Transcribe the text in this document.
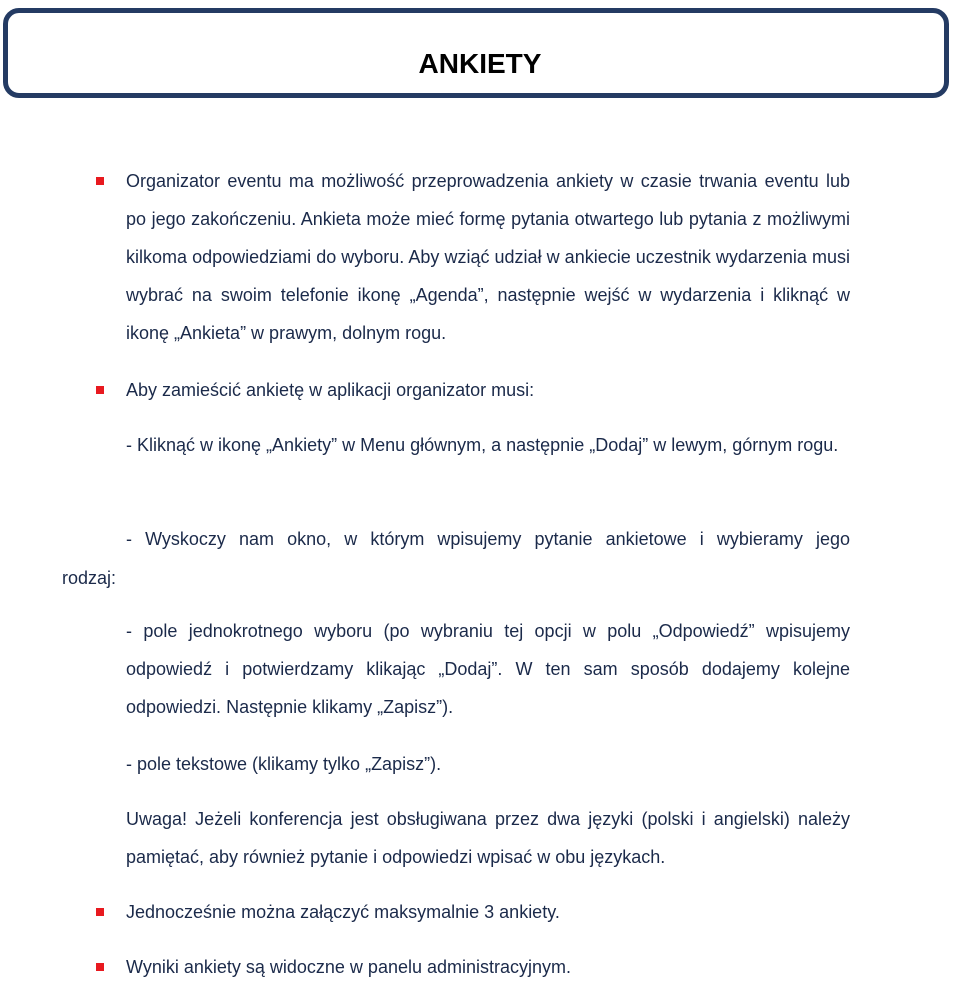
ANKIETY
Organizator eventu ma możliwość przeprowadzenia ankiety w czasie trwania eventu lub po jego zakończeniu. Ankieta może mieć formę pytania otwartego lub pytania z możliwymi kilkoma odpowiedziami do wyboru. Aby wziąć udział w ankiecie uczestnik wydarzenia musi wybrać na swoim telefonie ikonę „Agenda”, następnie wejść w wydarzenia i kliknąć w ikonę „Ankieta” w prawym, dolnym rogu.
Aby zamieścić ankietę w aplikacji organizator musi:
- Kliknąć w ikonę „Ankiety” w Menu głównym, a następnie „Dodaj” w lewym, górnym rogu.
- Wyskoczy nam okno, w którym wpisujemy pytanie ankietowe i wybieramy jego
rodzaj:
- pole jednokrotnego wyboru (po wybraniu tej opcji w polu „Odpowiedź” wpisujemy odpowiedź i potwierdzamy klikając „Dodaj”. W ten sam sposób dodajemy kolejne odpowiedzi. Następnie klikamy „Zapisz”).
- pole tekstowe (klikamy tylko „Zapisz”).
Uwaga! Jeżeli konferencja jest obsługiwana przez dwa języki (polski i angielski) należy pamiętać, aby również pytanie i odpowiedzi wpisać w obu językach.
Jednocześnie można załączyć maksymalnie 3 ankiety.
Wyniki ankiety są widoczne w panelu administracyjnym.
